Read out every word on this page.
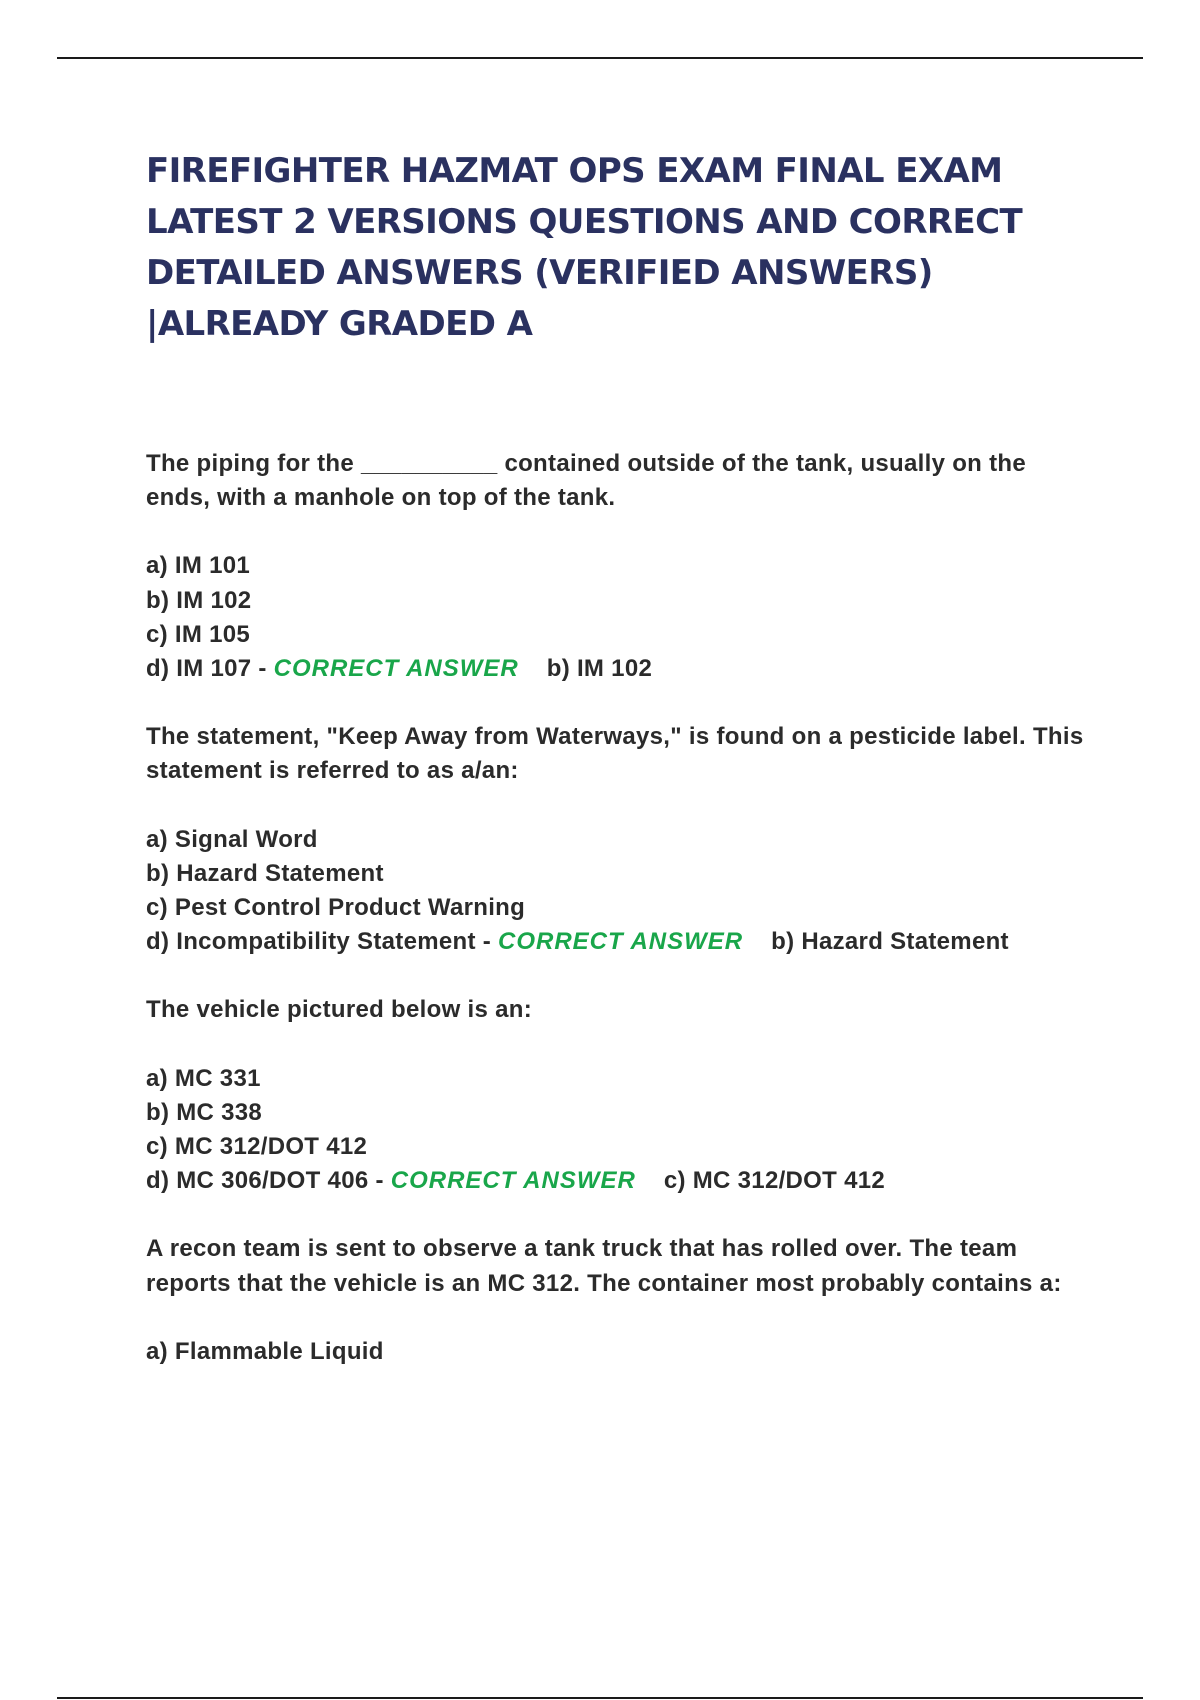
FIREFIGHTER HAZMAT OPS EXAM FINAL EXAM LATEST 2 VERSIONS QUESTIONS AND CORRECT DETAILED ANSWERS (VERIFIED ANSWERS) |ALREADY GRADED A

The piping for the __________ contained outside of the tank, usually on the ends, with a manhole on top of the tank.

a) IM 101
b) IM 102
c) IM 105
d) IM 107 - CORRECT ANSWER b) IM 102

The statement, "Keep Away from Waterways," is found on a pesticide label. This statement is referred to as a/an:

a) Signal Word
b) Hazard Statement
c) Pest Control Product Warning
d) Incompatibility Statement - CORRECT ANSWER b) Hazard Statement

The vehicle pictured below is an:

a) MC 331
b) MC 338
c) MC 312/DOT 412
d) MC 306/DOT 406 - CORRECT ANSWER c) MC 312/DOT 412

A recon team is sent to observe a tank truck that has rolled over. The team reports that the vehicle is an MC 312. The container most probably contains a:

a) Flammable Liquid
